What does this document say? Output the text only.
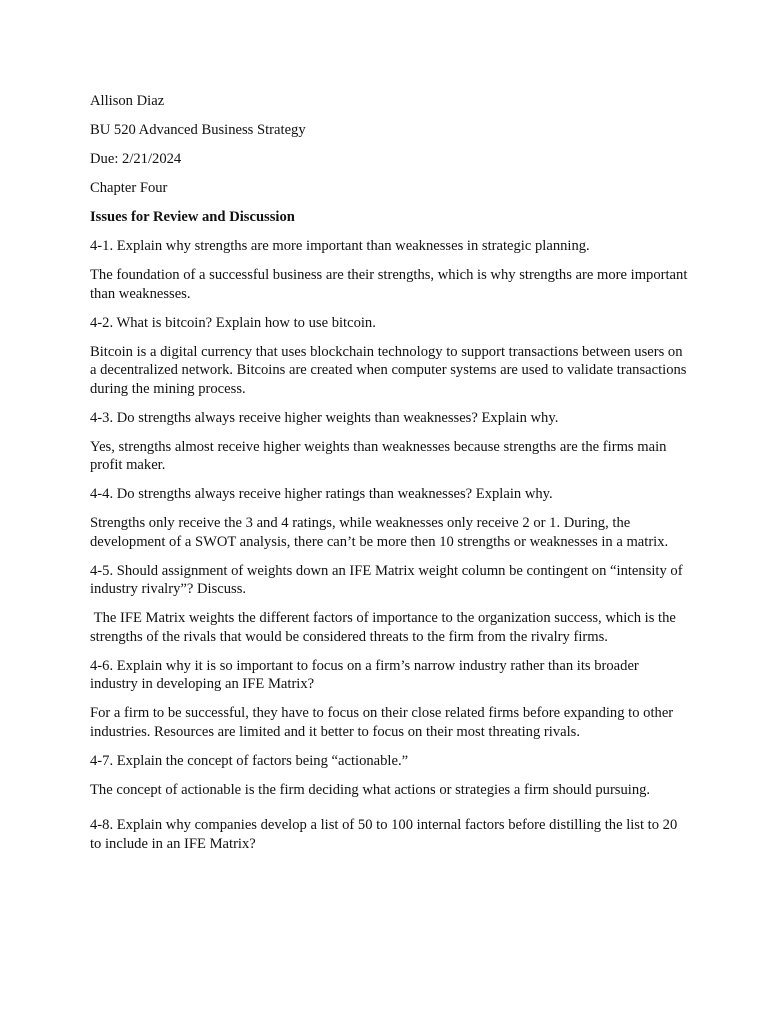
Allison Diaz

BU 520 Advanced Business Strategy

Due: 2/21/2024

Chapter Four

Issues for Review and Discussion

4-1. Explain why strengths are more important than weaknesses in strategic planning.

The foundation of a successful business are their strengths, which is why strengths are more important than weaknesses.

4-2. What is bitcoin? Explain how to use bitcoin.

Bitcoin is a digital currency that uses blockchain technology to support transactions between users on a decentralized network. Bitcoins are created when computer systems are used to validate transactions during the mining process.

4-3. Do strengths always receive higher weights than weaknesses? Explain why.

Yes, strengths almost receive higher weights than weaknesses because strengths are the firms main profit maker.

4-4. Do strengths always receive higher ratings than weaknesses? Explain why.

Strengths only receive the 3 and 4 ratings, while weaknesses only receive 2 or 1. During, the development of a SWOT analysis, there can’t be more then 10 strengths or weaknesses in a matrix.

4-5. Should assignment of weights down an IFE Matrix weight column be contingent on “intensity of industry rivalry”? Discuss.

The IFE Matrix weights the different factors of importance to the organization success, which is the strengths of the rivals that would be considered threats to the firm from the rivalry firms.

4-6. Explain why it is so important to focus on a firm’s narrow industry rather than its broader industry in developing an IFE Matrix?

For a firm to be successful, they have to focus on their close related firms before expanding to other industries. Resources are limited and it better to focus on their most threating rivals.

4-7. Explain the concept of factors being “actionable.”

The concept of actionable is the firm deciding what actions or strategies a firm should pursuing.

4-8. Explain why companies develop a list of 50 to 100 internal factors before distilling the list to 20 to include in an IFE Matrix?
